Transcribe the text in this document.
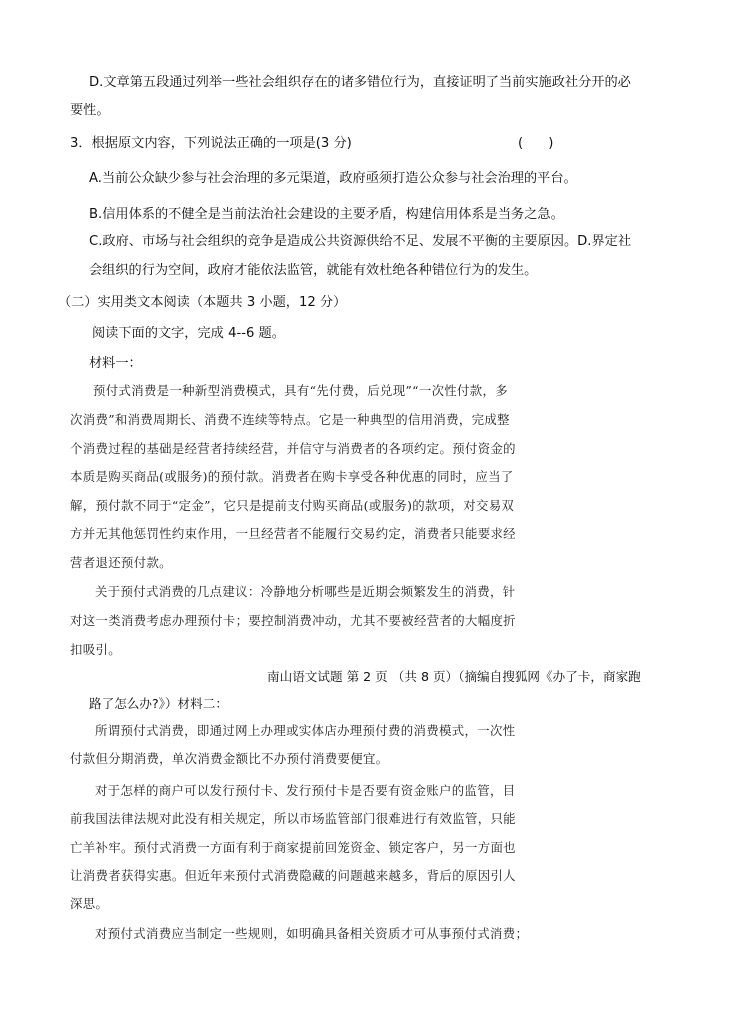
D.文章第五段通过列举一些社会组织存在的诸多错位行为，直接证明了当前实施政社分开的必
要性。
3．根据原文内容，下列说法正确的一项是(3 分)	(      )
A.当前公众缺少参与社会治理的多元渠道，政府亟须打造公众参与社会治理的平台。
B.信用体系的不健全是当前法治社会建设的主要矛盾，构建信用体系是当务之急。
C.政府、市场与社会组织的竞争是造成公共资源供给不足、发展不平衡的主要原因。D.界定社
会组织的行为空间，政府才能依法监管，就能有效杜绝各种错位行为的发生。
（二）实用类文本阅读（本题共 3 小题，12 分）
阅读下面的文字，完成 4--6 题。
材料一：
预付式消费是一种新型消费模式，具有“先付费，后兑现”“一次性付款，多
次消费”和消费周期长、消费不连续等特点。它是一种典型的信用消费，完成整
个消费过程的基础是经营者持续经营，并信守与消费者的各项约定。预付资金的
本质是购买商品(或服务)的预付款。消费者在购卡享受各种优惠的同时，应当了
解，预付款不同于“定金”，它只是提前支付购买商品(或服务)的款项，对交易双
方并无其他惩罚性约束作用，一旦经营者不能履行交易约定，消费者只能要求经
营者退还预付款。
关于预付式消费的几点建议：冷静地分析哪些是近期会频繁发生的消费，针
对这一类消费考虑办理预付卡；要控制消费冲动，尤其不要被经营者的大幅度折
扣吸引。
南山语文试题 第 2 页 （共 8 页）（摘编自搜狐网《办了卡，商家跑
路了怎么办?》）材料二：
所谓预付式消费，即通过网上办理或实体店办理预付费的消费模式，一次性
付款但分期消费，单次消费金额比不办预付消费要便宜。
对于怎样的商户可以发行预付卡、发行预付卡是否要有资金账户的监管，目
前我国法律法规对此没有相关规定，所以市场监管部门很难进行有效监管，只能
亡羊补牢。预付式消费一方面有利于商家提前回笼资金、锁定客户，另一方面也
让消费者获得实惠。但近年来预付式消费隐藏的问题越来越多，背后的原因引人
深思。
对预付式消费应当制定一些规则，如明确具备相关资质才可从事预付式消费；
